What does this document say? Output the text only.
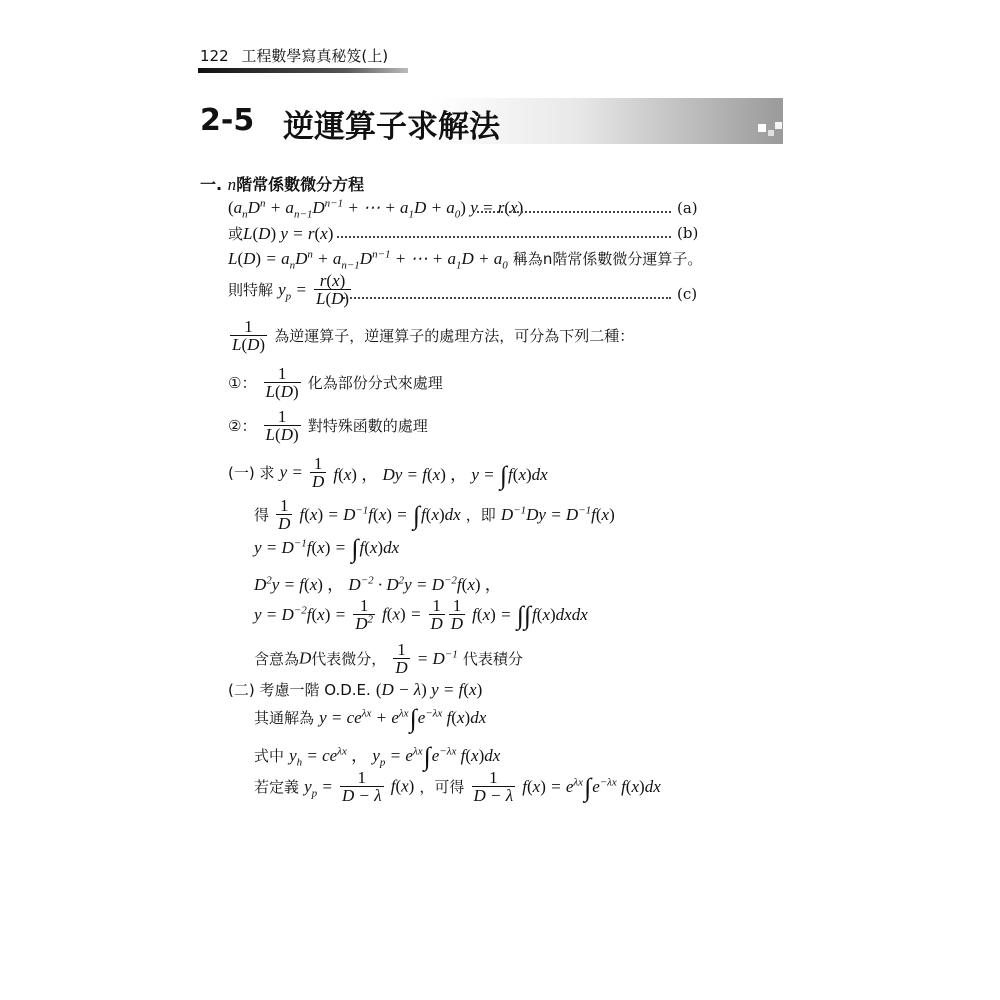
122 工程數學寫真秘笈(上)
2-5 逆運算子求解法
一. n階常係數微分方程
($a_nD^n + a_{n-1}D^{n-1}$ + ⋯ + $a_1D + a_0$) y = r(x)	(a)
或L(D) y = r(x)	(b)
$L(D) = a_nD^n + a_{n-1}D^{n-1}$ + ⋯ + $a_1D + a_0$ 稱為n階常係數微分運算子。
則特解 $y_p = \frac{r(x)}{L(D)}$	(c)
$\frac{1}{L(D)}$ 為逆運算子，逆運算子的處理方法，可分為下列二種：
①： $\frac{1}{L(D)}$ 化為部份分式來處理
②： $\frac{1}{L(D)}$ 對特殊函數的處理
(一) 求 $y = \frac{1}{D} f(x)$ ， Dy = f(x) ， y = ∫f(x)dx
得 $\frac{1}{D} f(x) = D^{-1}f(x) = \int f(x)dx$ ，即 $D^{-1}Dy = D^{-1}f(x)$
$y = D^{-1}f(x) = \int f(x)dx$
$D^2y = f(x)$ ， $D^{-2} \cdot D^2y = D^{-2}f(x)$ ，
$y = D^{-2}f(x) = \frac{1}{D^2} f(x) = \frac{1}{D} \frac{1}{D} f(x)$ = ∫∫f(x)dxdx
含意為D代表微分， $\frac{1}{D} = D^{-1}$ 代表積分
(二) 考慮一階 O.D.E. (D − λ) y = f(x)
其通解為 $y = ce^{\lambda x} + e^{\lambda x}\int e^{-\lambda x}$ f(x)dx
式中 $y_h = ce^{\lambda x}$ ， $y_p = e^{\lambda x}\int e^{-\lambda x}$ f(x)dx
若定義 $y_p = \frac{1}{D - \lambda} f(x)$ ，可得 $\frac{1}{D - \lambda} f(x) = e^{\lambda x}\int e^{-\lambda x}$ f(x)dx
